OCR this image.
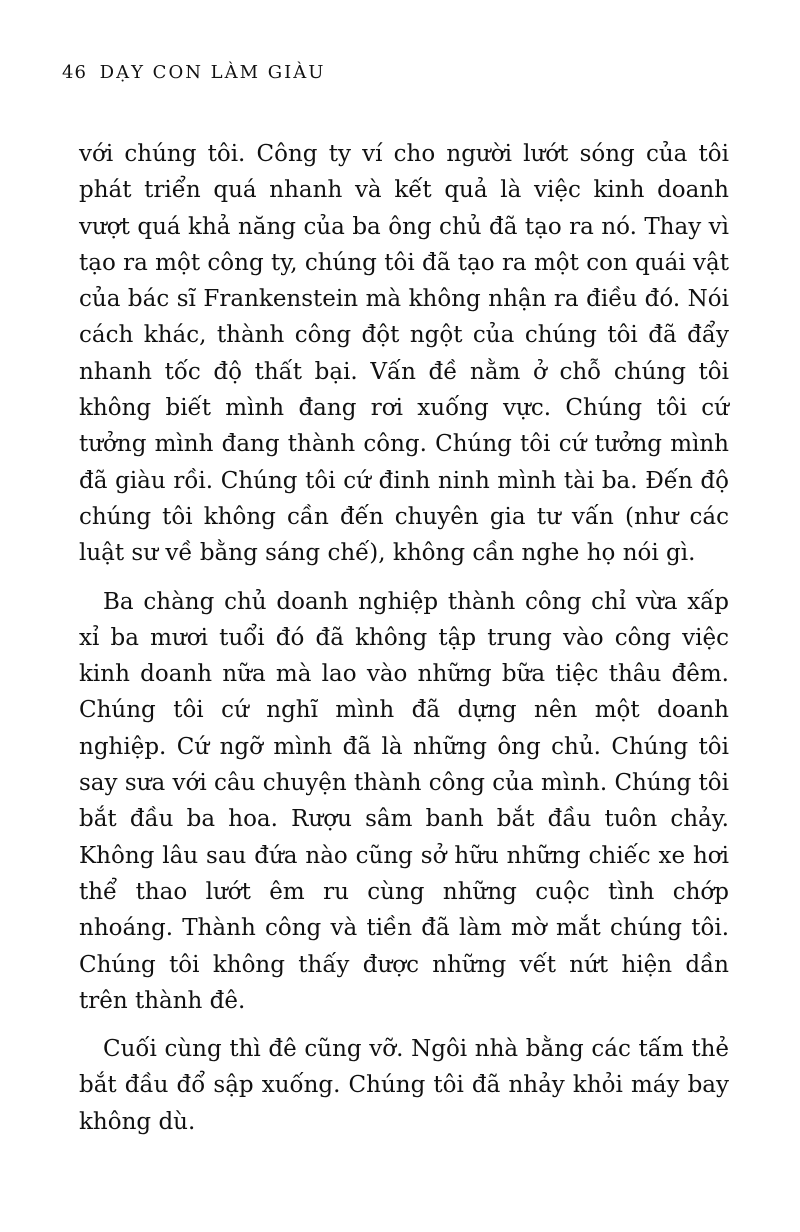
46 DẠY CON LÀM GIÀU

với chúng tôi. Công ty ví cho người lướt sóng của tôi phát triển quá nhanh và kết quả là việc kinh doanh vượt quá khả năng của ba ông chủ đã tạo ra nó. Thay vì tạo ra một công ty, chúng tôi đã tạo ra một con quái vật của bác sĩ Frankenstein mà không nhận ra điều đó. Nói cách khác, thành công đột ngột của chúng tôi đã đẩy nhanh tốc độ thất bại. Vấn đề nằm ở chỗ chúng tôi không biết mình đang rơi xuống vực. Chúng tôi cứ tưởng mình đang thành công. Chúng tôi cứ tưởng mình đã giàu rồi. Chúng tôi cứ đinh ninh mình tài ba. Đến độ chúng tôi không cần đến chuyên gia tư vấn (như các luật sư về bằng sáng chế), không cần nghe họ nói gì.

Ba chàng chủ doanh nghiệp thành công chỉ vừa xấp xỉ ba mươi tuổi đó đã không tập trung vào công việc kinh doanh nữa mà lao vào những bữa tiệc thâu đêm. Chúng tôi cứ nghĩ mình đã dựng nên một doanh nghiệp. Cứ ngỡ mình đã là những ông chủ. Chúng tôi say sưa với câu chuyện thành công của mình. Chúng tôi bắt đầu ba hoa. Rượu sâm banh bắt đầu tuôn chảy. Không lâu sau đứa nào cũng sở hữu những chiếc xe hơi thể thao lướt êm ru cùng những cuộc tình chớp nhoáng. Thành công và tiền đã làm mờ mắt chúng tôi. Chúng tôi không thấy được những vết nứt hiện dần trên thành đê.

Cuối cùng thì đê cũng vỡ. Ngôi nhà bằng các tấm thẻ bắt đầu đổ sập xuống. Chúng tôi đã nhảy khỏi máy bay không dù.
